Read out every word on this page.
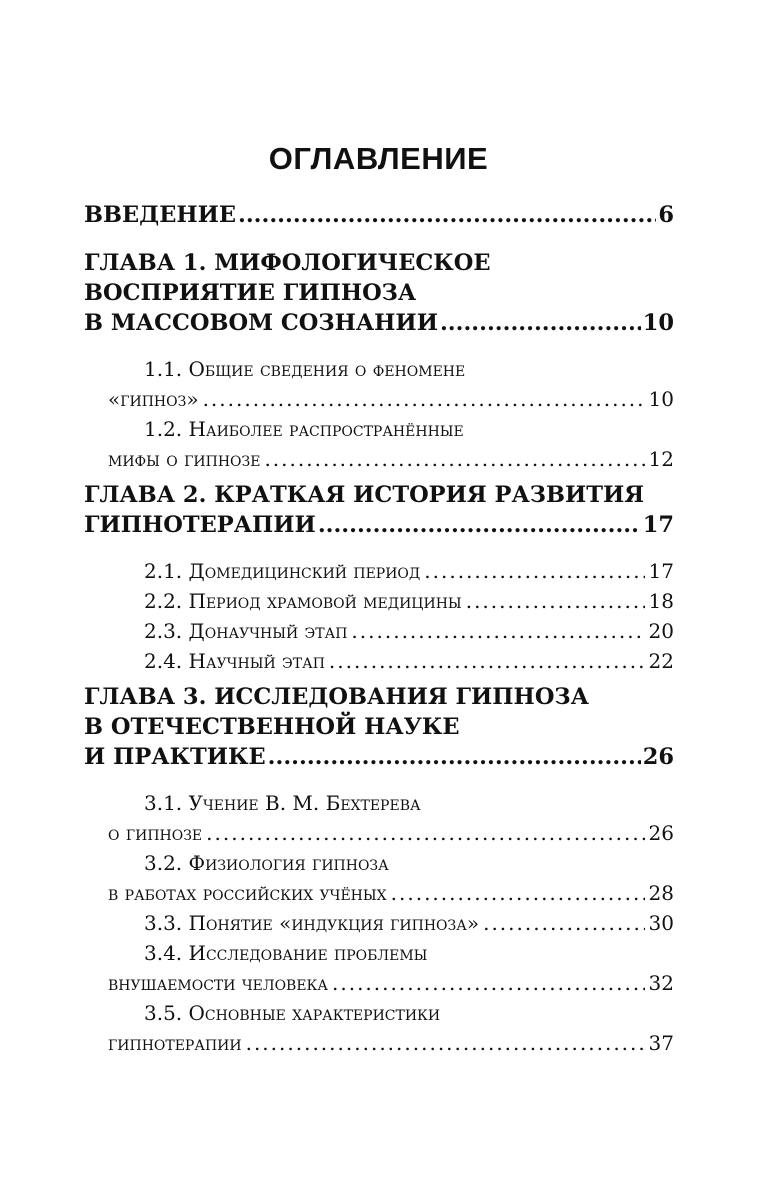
ОГЛАВЛЕНИЕ
ВВЕДЕНИЕ .....	6
ГЛАВА 1. МИФОЛОГИЧЕСКОЕ
ВОСПРИЯТИЕ ГИПНОЗА
В МАССОВОМ СОЗНАНИИ .....	10
1.1. Общие сведения о феномене
«гипноз» .....	10
1.2. Наиболее распространённые
мифы о гипнозе .....	12
ГЛАВА 2. КРАТКАЯ ИСТОРИЯ РАЗВИТИЯ
ГИПНОТЕРАПИИ .....	17
2.1. Домедицинский период .....	17
2.2. Период храмовой медицины .....	18
2.3. Донаучный этап .....	20
2.4. Научный этап .....	22
ГЛАВА 3. ИССЛЕДОВАНИЯ ГИПНОЗА
В ОТЕЧЕСТВЕННОЙ НАУКЕ
И ПРАКТИКЕ .....	26
3.1. Учение В. М. Бехтерева
о гипнозе .....	26
3.2. Физиология гипноза
в работах российских учёных .....	28
3.3. Понятие «индукция гипноза» .....	30
3.4. Исследование проблемы
внушаемости человека .....	32
3.5. Основные характеристики
гипнотерапии .....	37
